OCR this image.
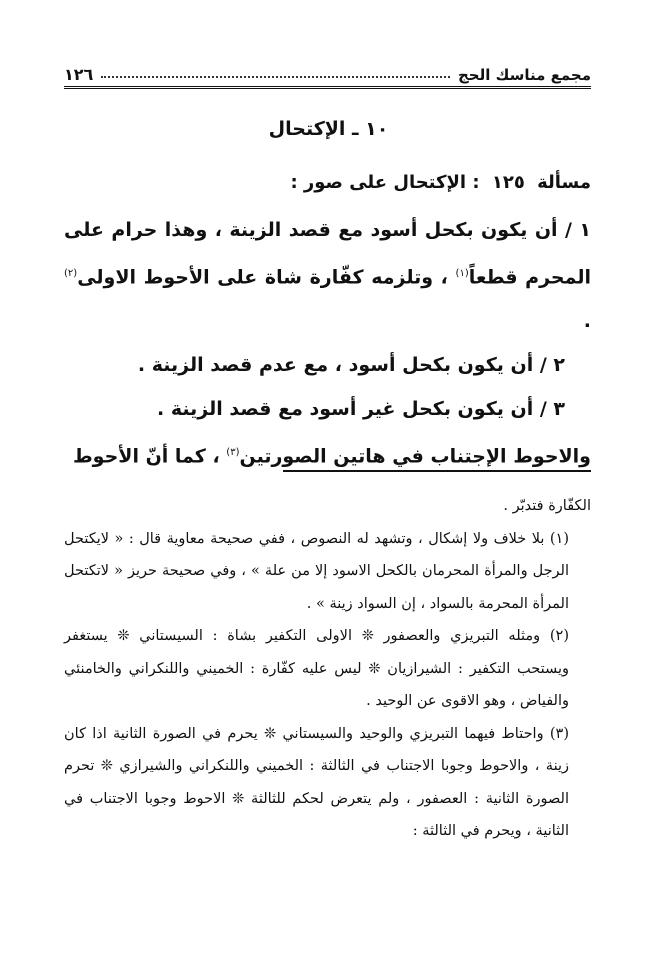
مجمع مناسك الحج
١٢٦
١٠ ـ الإكتحال
مسألة ١٢٥ : الإكتحال على صور :

١ / أن يكون بكحل أسود مع قصد الزينة ، وهذا حرام على المحرم قطعاً$^{(١)}$ ، وتلزمه كفّارة شاة على الأحوط الاولى$^{(٢)}$ .

٢ / أن يكون بكحل أسود ، مع عدم قصد الزينة .

٣ / أن يكون بكحل غير أسود مع قصد الزينة .

والاحوط الإجتناب في هاتين الصورتين$^{(٣)}$ ، كما أنّ الأحوط

الكفّارة فتدبّر .

(١) بلا خلاف ولا إشكال ، وتشهد له النصوص ، ففي صحيحة معاوية قال : « لايكتحل الرجل والمرأة المحرمان بالكحل الاسود إلا من علة » ، وفي صحيحة حريز « لاتكتحل المرأة المحرمة بالسواد ، إن السواد زينة » .

(٢) ومثله التبريزي والعصفور ❊ الاولى التكفير بشاة : السيستاني ❊ يستغفر ويستحب التكفير : الشيرازيان ❊ ليس عليه كفّارة : الخميني واللنكراني والخامنئي والفياض ، وهو الاقوى عن الوحيد .

(٣) واحتاط فيهما التبريزي والوحيد والسيستاني ❊ يحرم في الصورة الثانية اذا كان زينة ، والاحوط وجوبا الاجتناب في الثالثة : الخميني واللنكراني والشيرازي ❊ تحرم الصورة الثانية : العصفور ، ولم يتعرض لحكم للثالثة ❊ الاحوط وجوبا الاجتناب في الثانية ، ويحرم في الثالثة :
